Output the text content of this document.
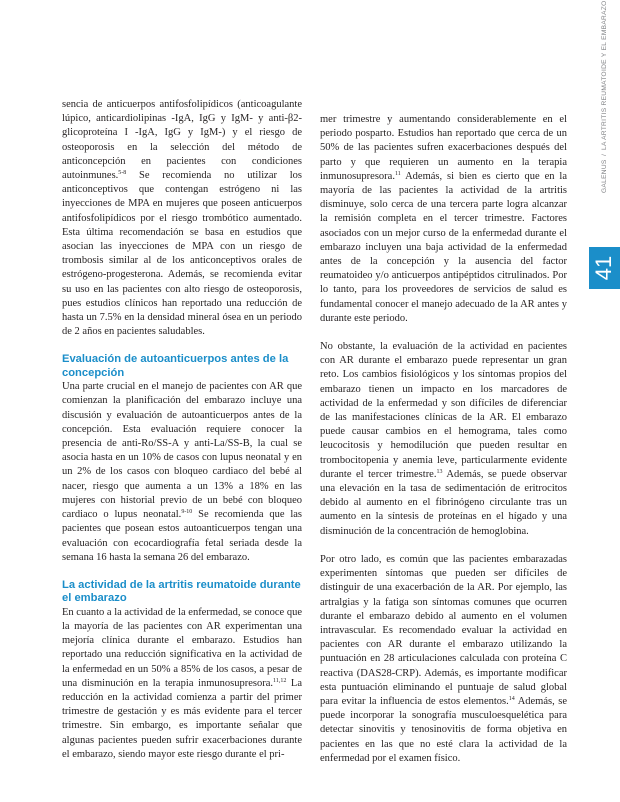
sencia de anticuerpos antifosfolipídicos (anticoagulante lúpico, anticardiolipinas -IgA, IgG y IgM- y anti-β2-glicoproteína I -IgA, IgG y IgM-) y el riesgo de osteoporosis en la selección del método de anticoncepción en pacientes con condiciones autoinmunes.$^{5-8}$ Se recomienda no utilizar los anticonceptivos que contengan estrógeno ni las inyecciones de MPA en mujeres que poseen anticuerpos antifosfolipídicos por el riesgo trombótico aumentado. Esta última recomendación se basa en estudios que asocian las inyecciones de MPA con un riesgo de trombosis similar al de los anticonceptivos orales de estrógeno-progesterona. Además, se recomienda evitar su uso en las pacientes con alto riesgo de osteoporosis, pues estudios clínicos han reportado una reducción de hasta un 7.5% en la densidad mineral ósea en un periodo de 2 años en pacientes saludables.

Evaluación de autoanticuerpos antes de la concepción

Una parte crucial en el manejo de pacientes con AR que comienzan la planificación del embarazo incluye una discusión y evaluación de autoanticuerpos antes de la concepción. Esta evaluación requiere conocer la presencia de anti-Ro/SS-A y anti-La/SS-B, la cual se asocia hasta en un 10% de casos con lupus neonatal y en un 2% de los casos con bloqueo cardiaco del bebé al nacer, riesgo que aumenta a un 13% a 18% en las mujeres con historial previo de un bebé con bloqueo cardiaco o lupus neonatal.$^{9-10}$ Se recomienda que las pacientes que posean estos autoanticuerpos tengan una evaluación con ecocardiografía fetal seriada desde la semana 16 hasta la semana 26 del embarazo.

La actividad de la artritis reumatoide durante el embarazo

En cuanto a la actividad de la enfermedad, se conoce que la mayoría de las pacientes con AR experimentan una mejoría clínica durante el embarazo. Estudios han reportado una reducción significativa en la actividad de la enfermedad en un 50% a 85% de los casos, a pesar de una disminución en la terapia inmunosupresora.$^{11,12}$ La reducción en la actividad comienza a partir del primer trimestre de gestación y es más evidente para el tercer trimestre. Sin embargo, es importante señalar que algunas pacientes pueden sufrir exacerbaciones durante el embarazo, siendo mayor este riesgo durante el pri-

mer trimestre y aumentando considerablemente en el periodo posparto. Estudios han reportado que cerca de un 50% de las pacientes sufren exacerbaciones después del parto y que requieren un aumento en la terapia inmunosupresora.$^{11}$ Además, si bien es cierto que en la mayoría de las pacientes la actividad de la artritis disminuye, solo cerca de una tercera parte logra alcanzar la remisión completa en el tercer trimestre. Factores asociados con un mejor curso de la enfermedad durante el embarazo incluyen una baja actividad de la enfermedad antes de la concepción y la ausencia del factor reumatoideo y/o anticuerpos antipéptidos citrulinados. Por lo tanto, para los proveedores de servicios de salud es fundamental conocer el manejo adecuado de la AR antes y durante este periodo.

No obstante, la evaluación de la actividad en pacientes con AR durante el embarazo puede representar un gran reto. Los cambios fisiológicos y los síntomas propios del embarazo tienen un impacto en los marcadores de actividad de la enfermedad y son difíciles de diferenciar de las manifestaciones clínicas de la AR. El embarazo puede causar cambios en el hemograma, tales como leucocitosis y hemodilución que pueden resultar en trombocitopenia y anemia leve, particularmente evidente durante el tercer trimestre.$^{13}$ Además, se puede observar una elevación en la tasa de sedimentación de eritrocitos debido al aumento en el fibrinógeno circulante tras un aumento en la síntesis de proteínas en el hígado y una disminución de la concentración de hemoglobina.

Por otro lado, es común que las pacientes embarazadas experimenten síntomas que pueden ser difíciles de distinguir de una exacerbación de la AR. Por ejemplo, las artralgias y la fatiga son síntomas comunes que ocurren durante el embarazo debido al aumento en el volumen intravascular. Es recomendado evaluar la actividad en pacientes con AR durante el embarazo utilizando la puntuación en 28 articulaciones calculada con proteína C reactiva (DAS28-CRP). Además, es importante modificar esta puntuación eliminando el puntuaje de salud global para evitar la influencia de estos elementos.$^{14}$ Además, se puede incorporar la sonografía musculoesquelética para detectar sinovitis y tenosinovitis de forma objetiva en pacientes en las que no esté clara la actividad de la enfermedad por el examen físico.

GALENUS
/
LA ARTRITIS REUMATOIDE Y EL EMBARAZO
41
